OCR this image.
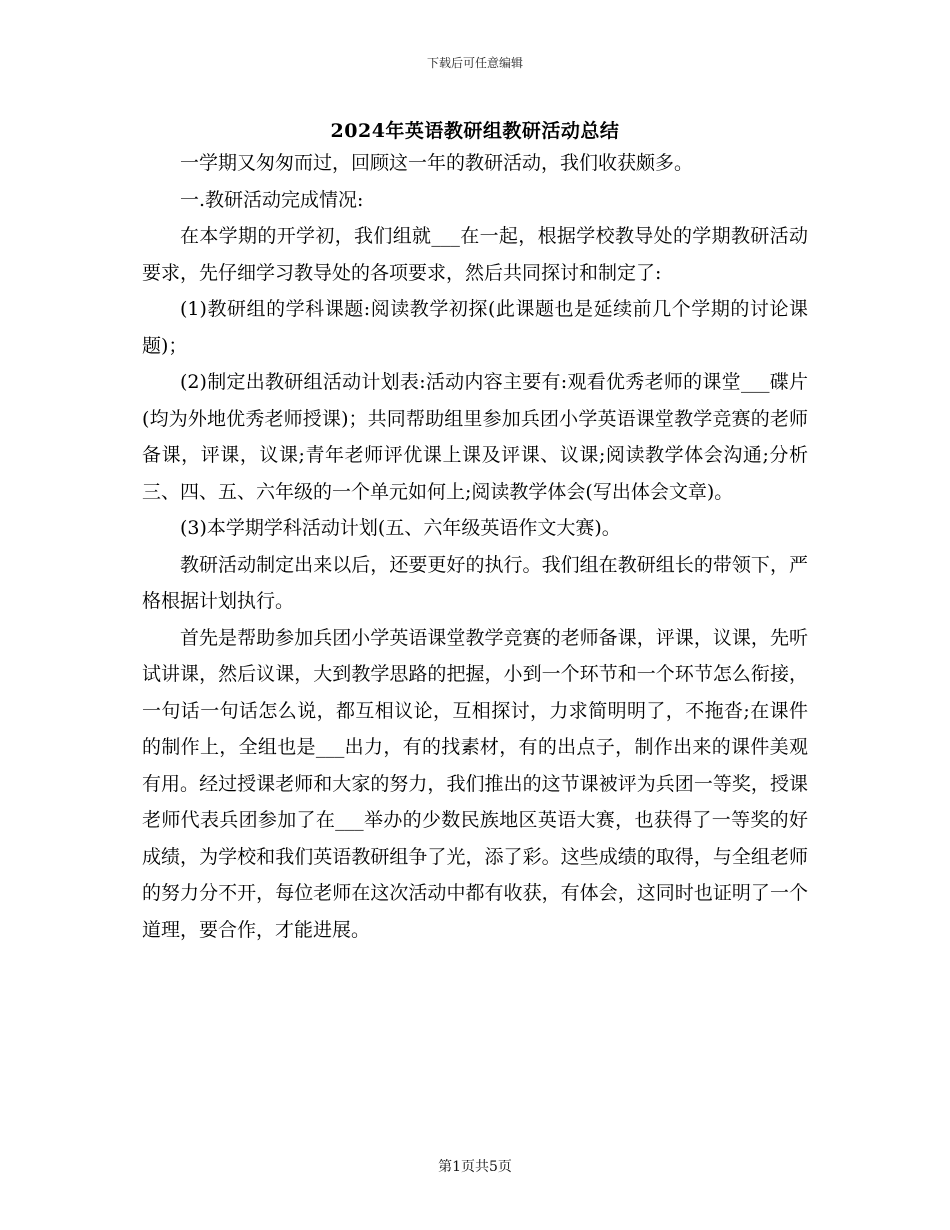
下载后可任意编辑
2024年英语教研组教研活动总结

一学期又匆匆而过，回顾这一年的教研活动，我们收获颇多。

一.教研活动完成情况:

在本学期的开学初，我们组就___在一起，根据学校教导处的学期教研活动要求，先仔细学习教导处的各项要求，然后共同探讨和制定了:

(1)教研组的学科课题:阅读教学初探(此课题也是延续前几个学期的讨论课题)；

(2)制定出教研组活动计划表:活动内容主要有:观看优秀老师的课堂___碟片(均为外地优秀老师授课)；共同帮助组里参加兵团小学英语课堂教学竞赛的老师备课，评课，议课;青年老师评优课上课及评课、议课;阅读教学体会沟通;分析三、四、五、六年级的一个单元如何上;阅读教学体会(写出体会文章)。

(3)本学期学科活动计划(五、六年级英语作文大赛)。

教研活动制定出来以后，还要更好的执行。我们组在教研组长的带领下，严格根据计划执行。

首先是帮助参加兵团小学英语课堂教学竞赛的老师备课，评课，议课，先听试讲课，然后议课，大到教学思路的把握，小到一个环节和一个环节怎么衔接，一句话一句话怎么说，都互相议论，互相探讨，力求简明明了，不拖沓;在课件的制作上，全组也是___出力，有的找素材，有的出点子，制作出来的课件美观有用。经过授课老师和大家的努力，我们推出的这节课被评为兵团一等奖，授课老师代表兵团参加了在___举办的少数民族地区英语大赛，也获得了一等奖的好成绩，为学校和我们英语教研组争了光，添了彩。这些成绩的取得，与全组老师的努力分不开，每位老师在这次活动中都有收获，有体会，这同时也证明了一个道理，要合作，才能进展。

第1页共5页
